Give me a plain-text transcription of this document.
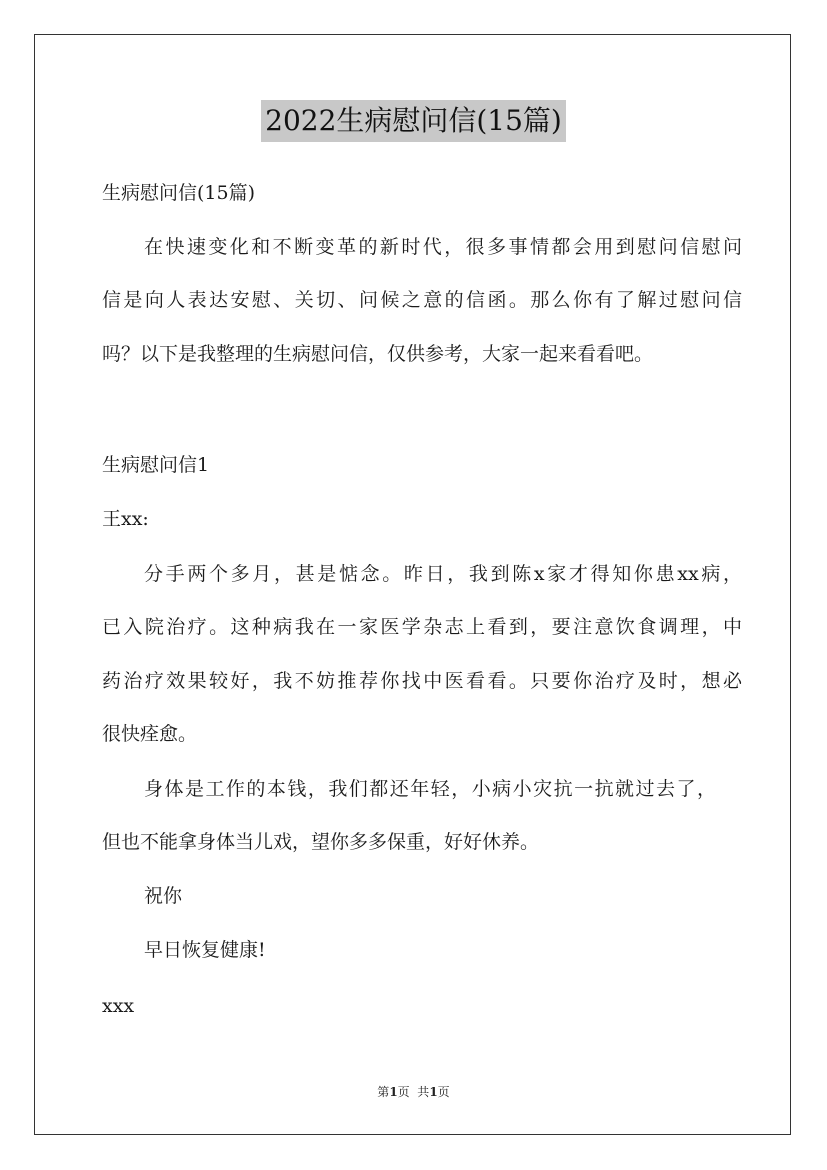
2022生病慰问信(15篇)
生病慰问信(15篇)
在快速变化和不断变革的新时代，很多事情都会用到慰问信慰问
信是向人表达安慰、关切、问候之意的信函。那么你有了解过慰问信
吗？以下是我整理的生病慰问信，仅供参考，大家一起来看看吧。
生病慰问信1
王xx:
分手两个多月，甚是惦念。昨日，我到陈x家才得知你患xx病，
已入院治疗。这种病我在一家医学杂志上看到，要注意饮食调理，中
药治疗效果较好，我不妨推荐你找中医看看。只要你治疗及时，想必
很快痊愈。
身体是工作的本钱，我们都还年轻，小病小灾抗一抗就过去了，
但也不能拿身体当儿戏，望你多多保重，好好休养。
祝你
早日恢复健康!
xxx
第1页  共1页
